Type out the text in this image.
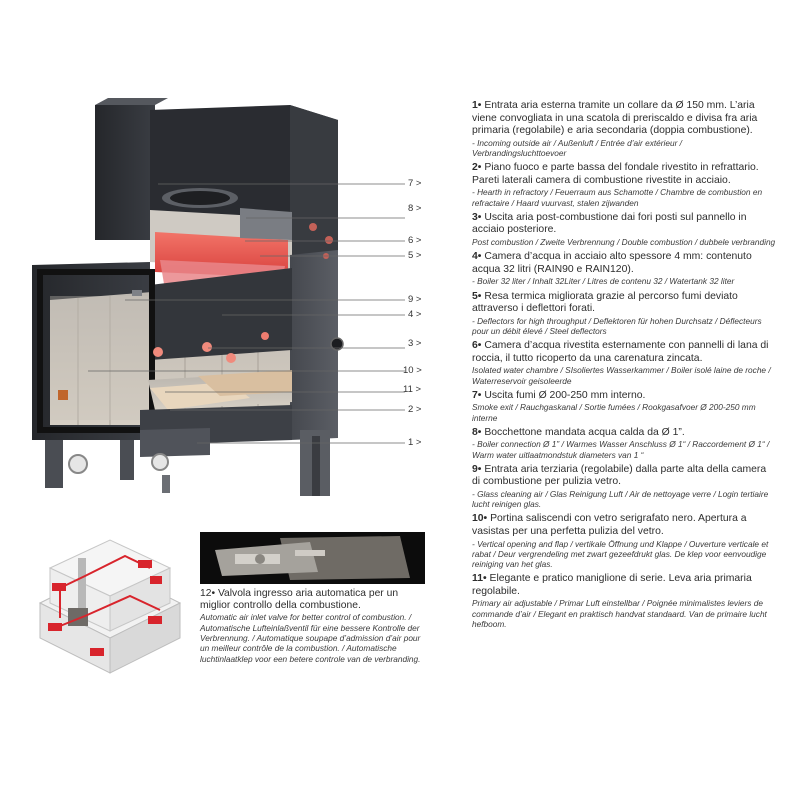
7 >
8 >
6 >
5 >
9 >
4 >
3 >
10 >
11 >
2 >
1 >
1• Entrata aria esterna tramite un collare da Ø 150 mm. L’aria viene convogliata in una scatola di preriscaldo e divisa fra aria primaria (regolabile) e aria secondaria (doppia combustione).
- Incoming outside air / Außenluft / Entrée d’air extérieur / Verbrandingsluchttoevoer
2• Piano fuoco e parte bassa del fondale rivestito in refrattario. Pareti laterali camera di combustione rivestite in acciaio.
- Hearth in refractory / Feuerraum aus Schamotte / Chambre de combustion en refractaire / Haard vuurvast, stalen zijwanden
3• Uscita aria post-combustione dai fori posti sul pannello in acciaio posteriore.
Post combustion / Zweite Verbrennung / Double combustion / dubbele verbranding
4• Camera d’acqua in acciaio alto spessore 4 mm: contenuto acqua 32 litri (RAIN90 e RAIN120).
- Boiler 32 liter / Inhalt 32Liter / Litres de contenu 32 / Watertank 32 liter
5• Resa termica migliorata grazie al percorso fumi deviato attraverso i deflettori forati.
- Deflectors for high throughput / Deflektoren für hohen Durchsatz / Déflecteurs pour un débit élevé / Steel deflectors
6• Camera d’acqua rivestita esternamente con pannelli di lana di roccia, il tutto ricoperto da una carenatura zincata.
Isolated water chambre / SIsoliertes Wasserkammer / Boiler isolé laine de roche / Waterreservoir geisoleerde
7• Uscita fumi Ø 200-250 mm interno.
Smoke exit / Rauchgaskanal / Sortie fumées / Rookgasafvoer Ø 200-250 mm interne
8• Bocchettone mandata acqua calda da Ø 1”.
- Boiler connection Ø 1” / Warmes Wasser Anschluss Ø 1“ / Raccordement Ø 1“ / Warm water uitlaatmondstuk diameters van 1 “
9• Entrata aria terziaria (regolabile) dalla parte alta della camera di combustione per pulizia vetro.
- Glass cleaning air / Glas Reinigung Luft / Air de nettoyage verre / Login tertiaire lucht reinigen glas.
10• Portina saliscendi con vetro serigrafato nero. Apertura a vasistas per una perfetta pulizia del vetro.
- Vertical opening and flap / vertikale Öffnung und Klappe / Ouverture verticale et rabat / Deur vergrendeling met zwart gezeefdrukt glas. De klep voor eenvoudige reiniging van het glas.
11• Elegante e pratico maniglione di serie. Leva aria primaria regolabile.
Primary air adjustable / Primar Luft einstellbar / Poignée minimalistes leviers de commande d’air / Elegant en praktisch handvat standaard. Van de primaire lucht hefboom.
12• Valvola ingresso aria automatica per un miglior controllo della combustione.
Automatic air inlet valve for better control of combustion. / Automatische Lufteinlaßventil für eine bessere Kontrolle der Verbrennung. / Automatique soupape d’admission d’air pour un meilleur contrôle de la combustion. / Automatische luchtinlaatklep voor een betere controle van de verbranding.
